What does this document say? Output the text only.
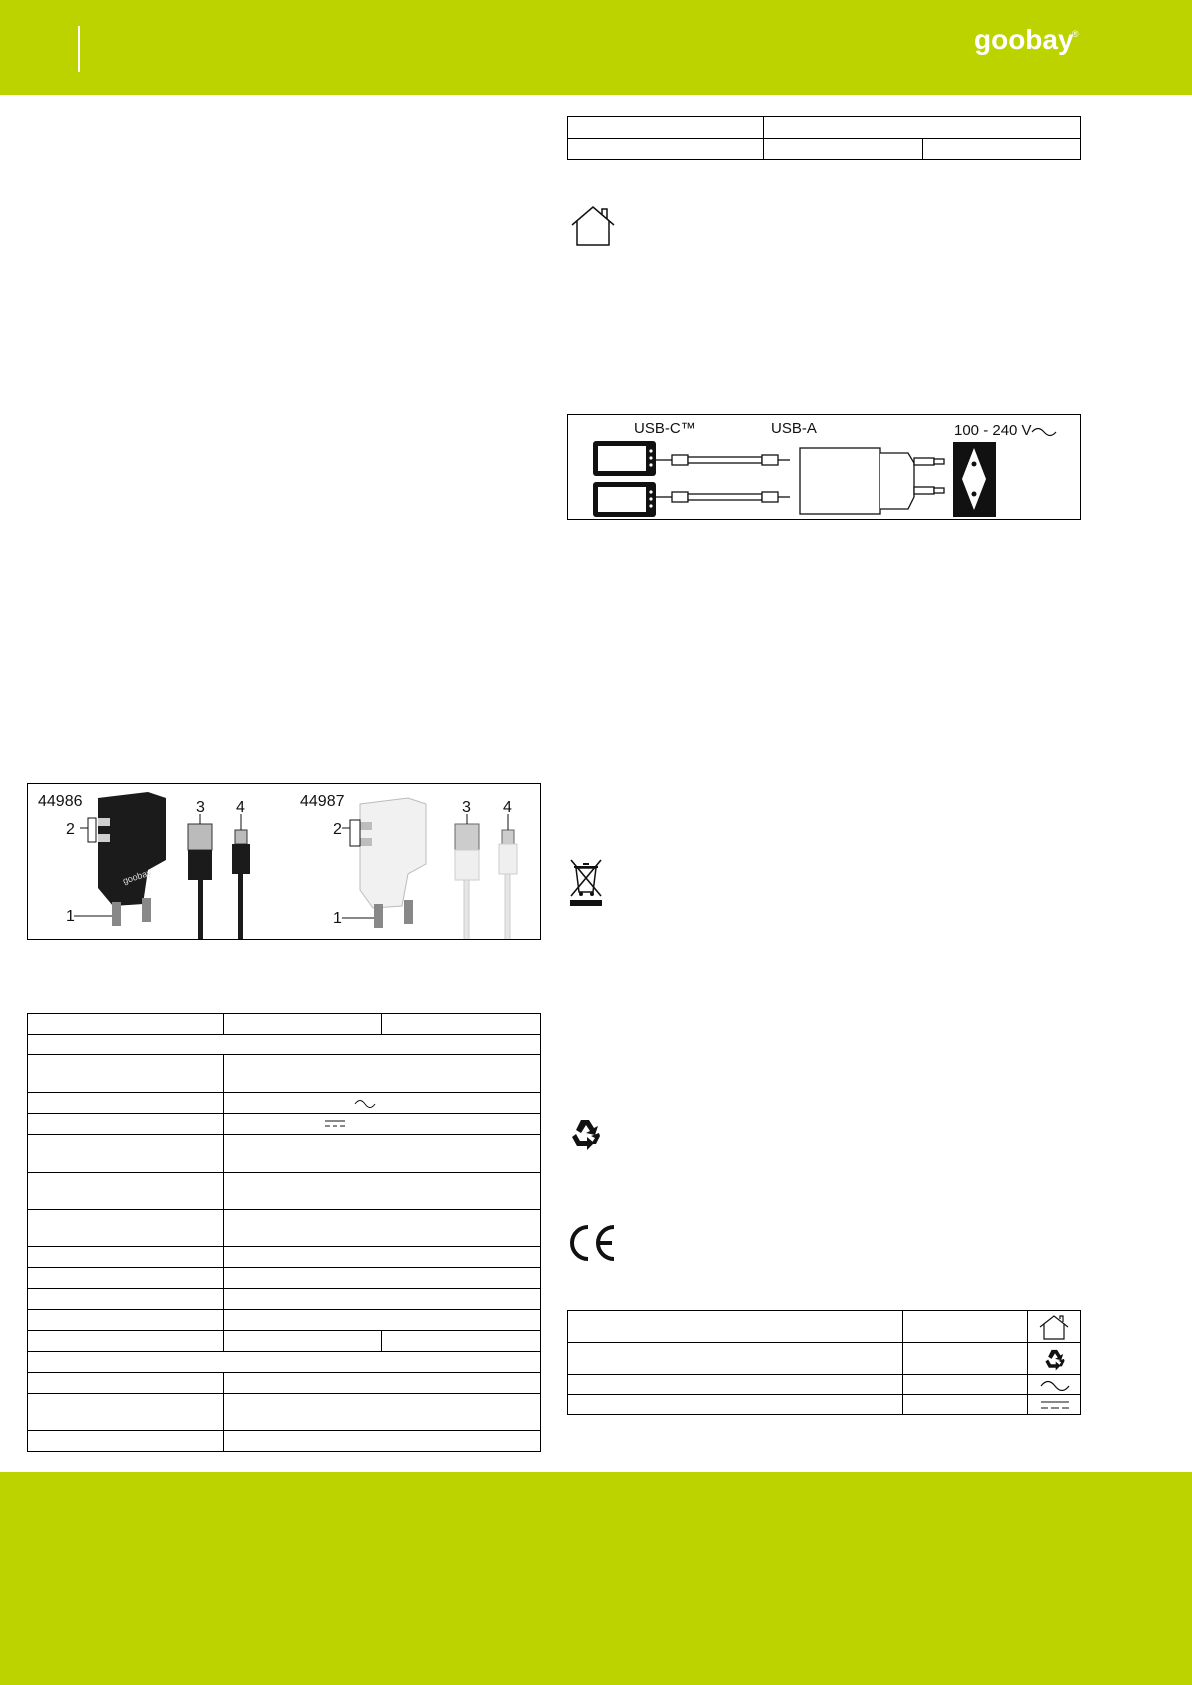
goobay
®

USB-C™	USB-A	100 - 240 V
44986	44987
goobay
1
2
3 4
1
2
3 4
